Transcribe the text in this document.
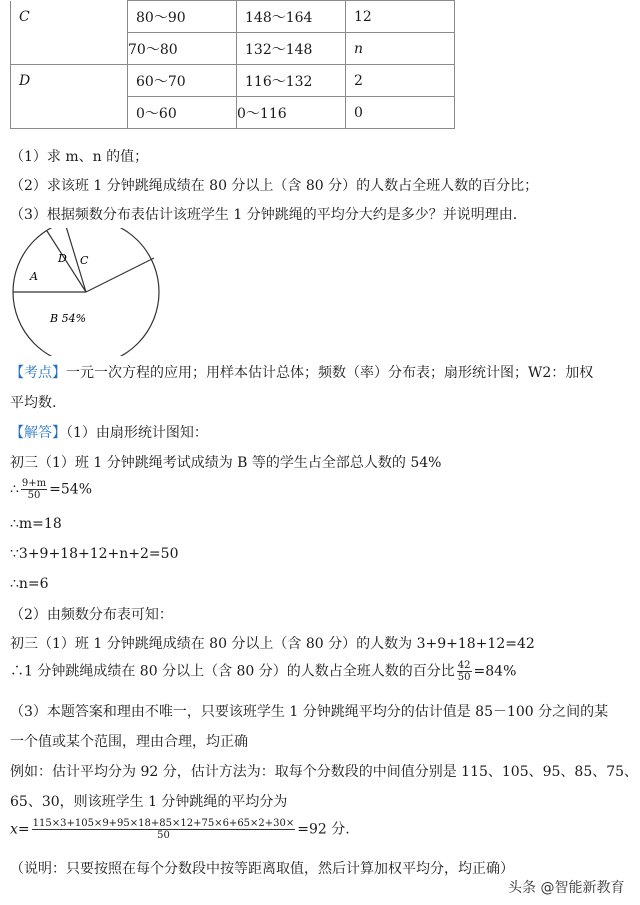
C	80～90	148～164	12
	70～80	132～148	n
D	60～70	116～132	2
	0～60	0～116	0
（1）求 m、n 的值；
（2）求该班 1 分钟跳绳成绩在 80 分以上（含 80 分）的人数占全班人数的百分比；
（3）根据频数分布表估计该班学生 1 分钟跳绳的平均分大约是多少？并说明理由.
A
D C
B 54%
【考点】一元一次方程的应用；用样本估计总体；频数（率）分布表；扇形统计图；W2：加权
平均数.
【解答】（1）由扇形统计图知：
初三（1）班 1 分钟跳绳考试成绩为 B 等的学生占全部总人数的 54%
∴ $\frac{9+m}{50} =54\%$
∴m=18
∵3+9+18+12+n+2=50
∴n=6
（2）由频数分布表可知：
初三（1）班 1 分钟跳绳成绩在 80 分以上（含 80 分）的人数为 3+9+18+12=42
∴1 分钟跳绳成绩在 80 分以上（含 80 分）的人数占全班人数的百分比 $\frac{42}{50} =84\%$
（3）本题答案和理由不唯一，只要该班学生 1 分钟跳绳平均分的估计值是 85－100 分之间的某
一个值或某个范围，理由合理，均正确
例如：估计平均分为 92 分，估计方法为：取每个分数段的中间值分别是 115、105、95、85、75、
65、30，则该班学生 1 分钟跳绳的平均分为
$x= \frac{115\times 3+105\times 9+95\times 18+85\times 12+75\times 6+65\times 2+30\times}{50} =92$ 分.
（说明：只要按照在每个分数段中按等距离取值，然后计算加权平均分，均正确）
头条 @智能新教育
